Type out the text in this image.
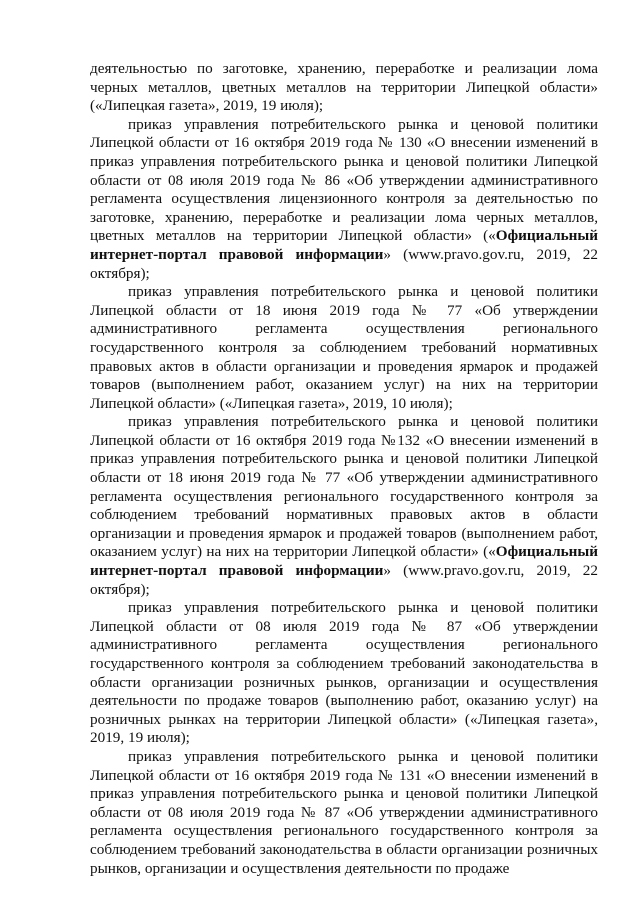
деятельностью по заготовке, хранению, переработке и реализации лома черных металлов, цветных металлов на территории Липецкой области» («Липецкая газета», 2019, 19 июля);

приказ управления потребительского рынка и ценовой политики Липецкой области от 16 октября 2019 года № 130 «О внесении изменений в приказ управления потребительского рынка и ценовой политики Липецкой области от 08 июля 2019 года № 86 «Об утверждении административного регламента осуществления лицензионного контроля за деятельностью по заготовке, хранению, переработке и реализации лома черных металлов, цветных металлов на территории Липецкой области» («Официальный интернет-портал правовой информации» (www.pravo.gov.ru, 2019, 22 октября);

приказ управления потребительского рынка и ценовой политики Липецкой области от 18 июня 2019 года № 77 «Об утверждении административного регламента осуществления регионального государственного контроля за соблюдением требований нормативных правовых актов в области организации и проведения ярмарок и продажей товаров (выполнением работ, оказанием услуг) на них на территории Липецкой области» («Липецкая газета», 2019, 10 июля);

приказ управления потребительского рынка и ценовой политики Липецкой области от 16 октября 2019 года №132 «О внесении изменений в приказ управления потребительского рынка и ценовой политики Липецкой области от 18 июня 2019 года № 77 «Об утверждении административного регламента осуществления регионального государственного контроля за соблюдением требований нормативных правовых актов в области организации и проведения ярмарок и продажей товаров (выполнением работ, оказанием услуг) на них на территории Липецкой области» («Официальный интернет-портал правовой информации» (www.pravo.gov.ru, 2019, 22 октября);

приказ управления потребительского рынка и ценовой политики Липецкой области от 08 июля 2019 года № 87 «Об утверждении административного регламента осуществления регионального государственного контроля за соблюдением требований законодательства в области организации розничных рынков, организации и осуществления деятельности по продаже товаров (выполнению работ, оказанию услуг) на розничных рынках на территории Липецкой области» («Липецкая газета», 2019, 19 июля);

приказ управления потребительского рынка и ценовой политики Липецкой области от 16 октября 2019 года № 131 «О внесении изменений в приказ управления потребительского рынка и ценовой политики Липецкой области от 08 июля 2019 года № 87 «Об утверждении административного регламента осуществления регионального государственного контроля за соблюдением требований законодательства в области организации розничных рынков, организации и осуществления деятельности по продаже
